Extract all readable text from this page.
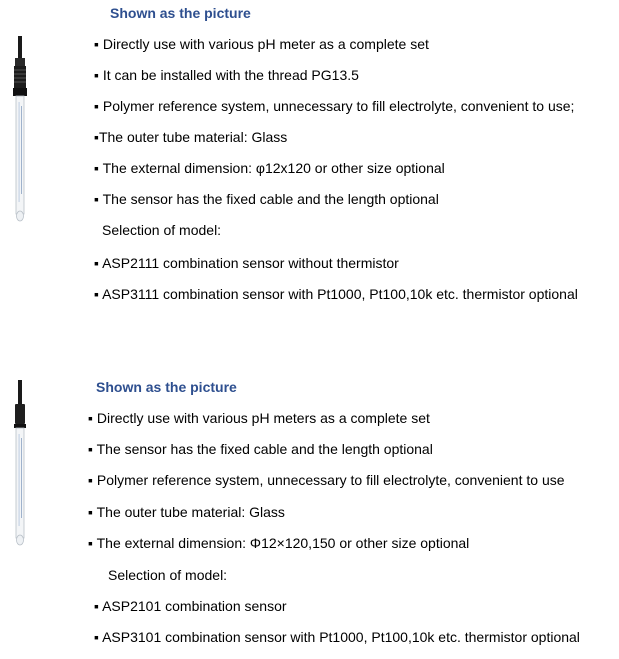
Shown as the picture
▪ Directly use with various pH meter as a complete set
▪ It can be installed with the thread PG13.5
▪ Polymer reference system, unnecessary to fill electrolyte, convenient to use;
▪The outer tube material: Glass
▪ The external dimension: φ12x120 or other size optional
▪ The sensor has the fixed cable and the length optional
Selection of model:
▪ ASP2111 combination sensor without thermistor
▪ ASP3111 combination sensor with Pt1000, Pt100,10k etc. thermistor optional
Shown as the picture
▪ Directly use with various pH meters as a complete set
▪ The sensor has the fixed cable and the length optional
▪ Polymer reference system, unnecessary to fill electrolyte, convenient to use
▪ The outer tube material: Glass
▪ The external dimension: Φ12×120,150 or other size optional
Selection of model:
▪ ASP2101 combination sensor
▪ ASP3101 combination sensor with Pt1000, Pt100,10k etc. thermistor optional
